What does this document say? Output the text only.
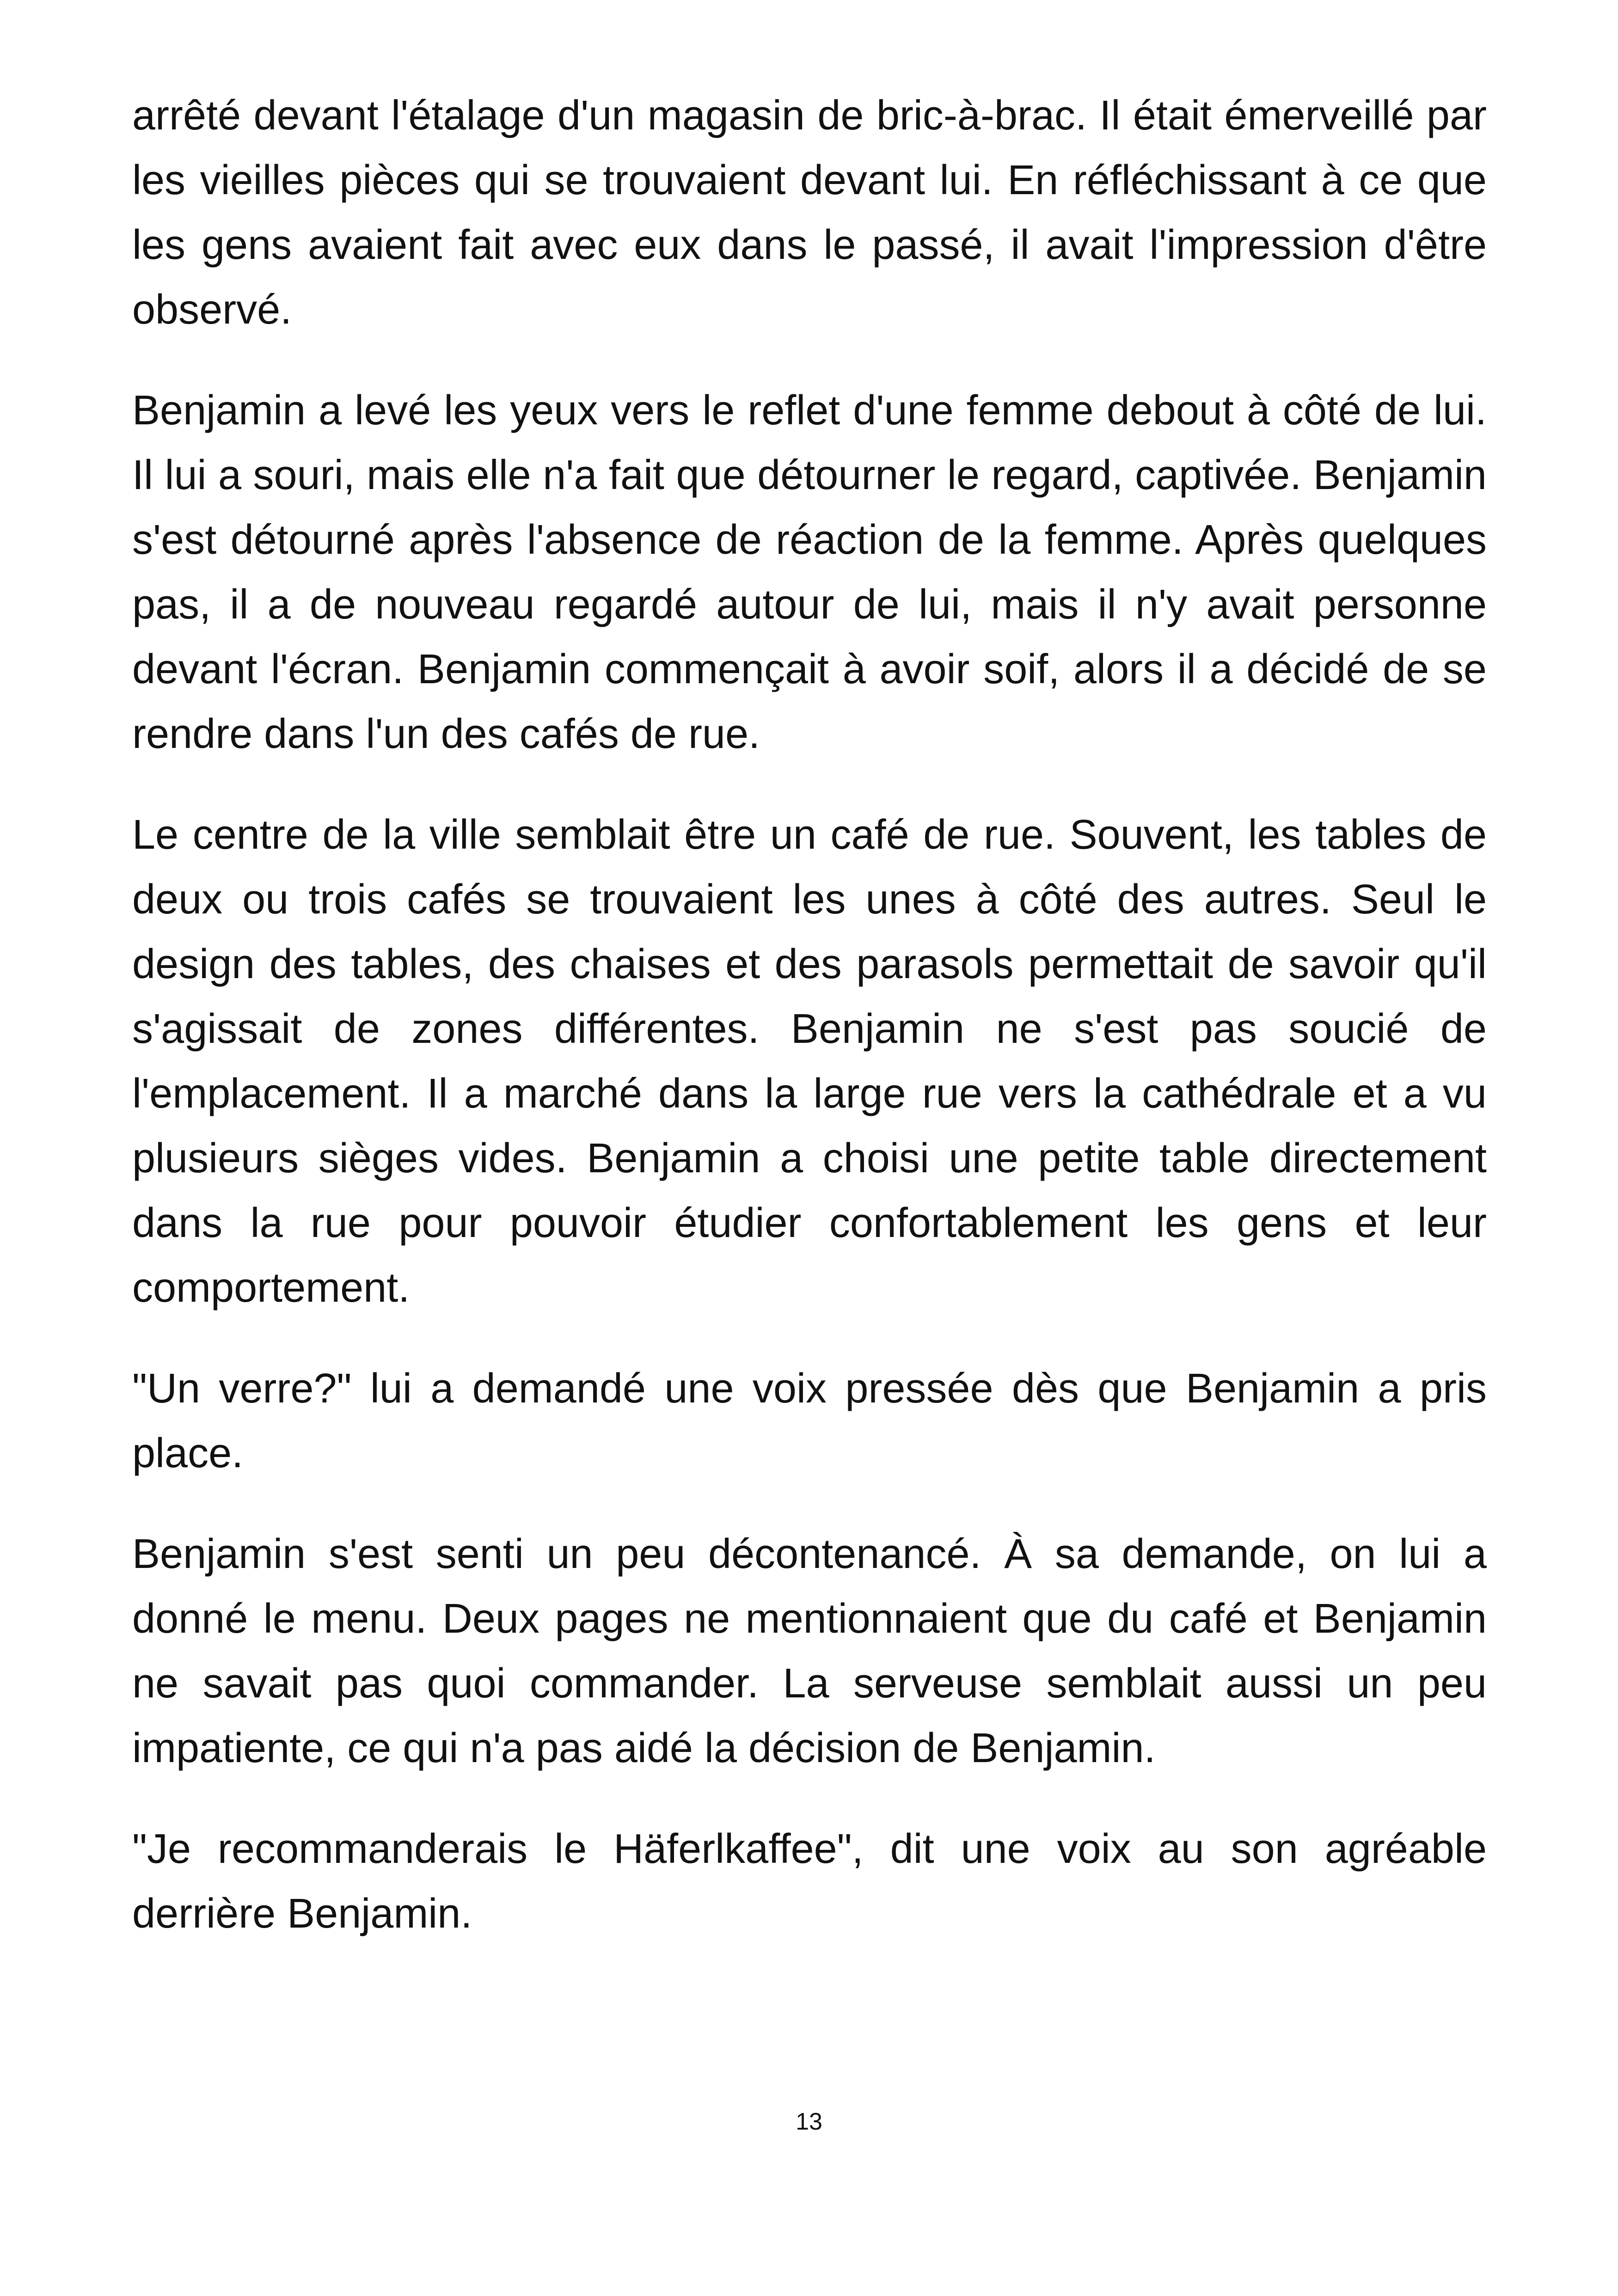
arrêté devant l'étalage d'un magasin de bric-à-brac. Il était émerveillé par les vieilles pièces qui se trouvaient devant lui. En réfléchissant à ce que les gens avaient fait avec eux dans le passé, il avait l'impression d'être observé.

Benjamin a levé les yeux vers le reflet d'une femme debout à côté de lui. Il lui a souri, mais elle n'a fait que détourner le regard, captivée. Benjamin s'est détourné après l'absence de réaction de la femme. Après quelques pas, il a de nouveau regardé autour de lui, mais il n'y avait personne devant l'écran. Benjamin commençait à avoir soif, alors il a décidé de se rendre dans l'un des cafés de rue.

Le centre de la ville semblait être un café de rue. Souvent, les tables de deux ou trois cafés se trouvaient les unes à côté des autres. Seul le design des tables, des chaises et des parasols permettait de savoir qu'il s'agissait de zones différentes. Benjamin ne s'est pas soucié de l'emplacement. Il a marché dans la large rue vers la cathédrale et a vu plusieurs sièges vides. Benjamin a choisi une petite table directement dans la rue pour pouvoir étudier confortablement les gens et leur comportement.

"Un verre?" lui a demandé une voix pressée dès que Benjamin a pris place.

Benjamin s'est senti un peu décontenancé. À sa demande, on lui a donné le menu. Deux pages ne mentionnaient que du café et Benjamin ne savait pas quoi commander. La serveuse semblait aussi un peu impatiente, ce qui n'a pas aidé la décision de Benjamin.

"Je recommanderais le Häferlkaffee", dit une voix au son agréable derrière Benjamin.

13
